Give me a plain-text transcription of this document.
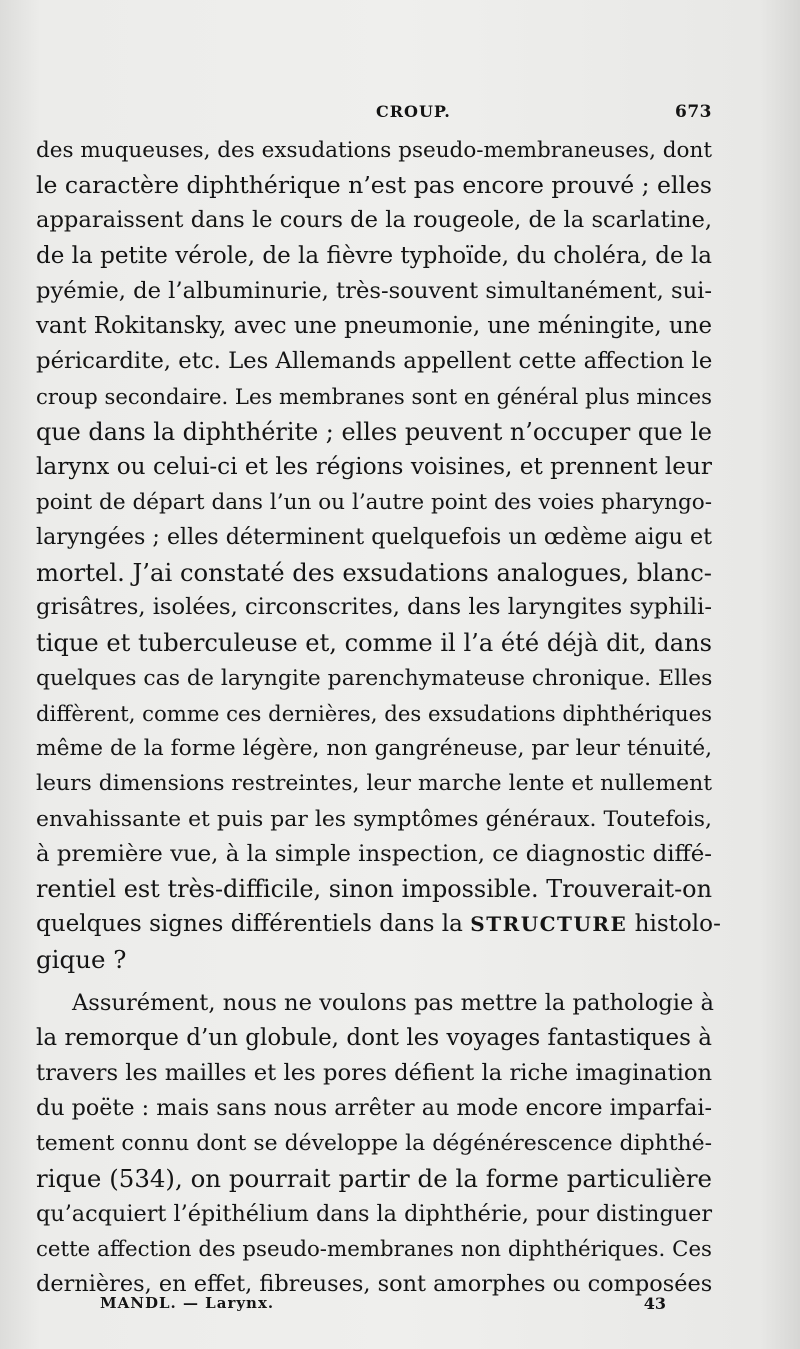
CROUP.	673
des muqueuses, des exsudations pseudo-membraneuses, dont
le caractère diphthérique n’est pas encore prouvé ; elles
apparaissent dans le cours de la rougeole, de la scarlatine,
de la petite vérole, de la fièvre typhoïde, du choléra, de la
pyémie, de l’albuminurie, très-souvent simultanément, sui-
vant Rokitansky, avec une pneumonie, une méningite, une
péricardite, etc. Les Allemands appellent cette affection le
croup secondaire. Les membranes sont en général plus minces
que dans la diphthérite ; elles peuvent n’occuper que le
larynx ou celui-ci et les régions voisines, et prennent leur
point de départ dans l’un ou l’autre point des voies pharyngo-
laryngées ; elles déterminent quelquefois un œdème aigu et
mortel. J’ai constaté des exsudations analogues, blanc-
grisâtres, isolées, circonscrites, dans les laryngites syphili-
tique et tuberculeuse et, comme il l’a été déjà dit, dans
quelques cas de laryngite parenchymateuse chronique. Elles
diffèrent, comme ces dernières, des exsudations diphthériques
même de la forme légère, non gangréneuse, par leur ténuité,
leurs dimensions restreintes, leur marche lente et nullement
envahissante et puis par les symptômes généraux. Toutefois,
à première vue, à la simple inspection, ce diagnostic diffé-
rentiel est très-difficile, sinon impossible. Trouverait-on
quelques signes différentiels dans la STRUCTURE histolo-
gique ?
Assurément, nous ne voulons pas mettre la pathologie à
la remorque d’un globule, dont les voyages fantastiques à
travers les mailles et les pores défient la riche imagination
du poëte : mais sans nous arrêter au mode encore imparfai-
tement connu dont se développe la dégénérescence diphthé-
rique (534), on pourrait partir de la forme particulière
qu’acquiert l’épithélium dans la diphthérie, pour distinguer
cette affection des pseudo-membranes non diphthériques. Ces
dernières, en effet, fibreuses, sont amorphes ou composées
MANDL. — Larynx.	43
